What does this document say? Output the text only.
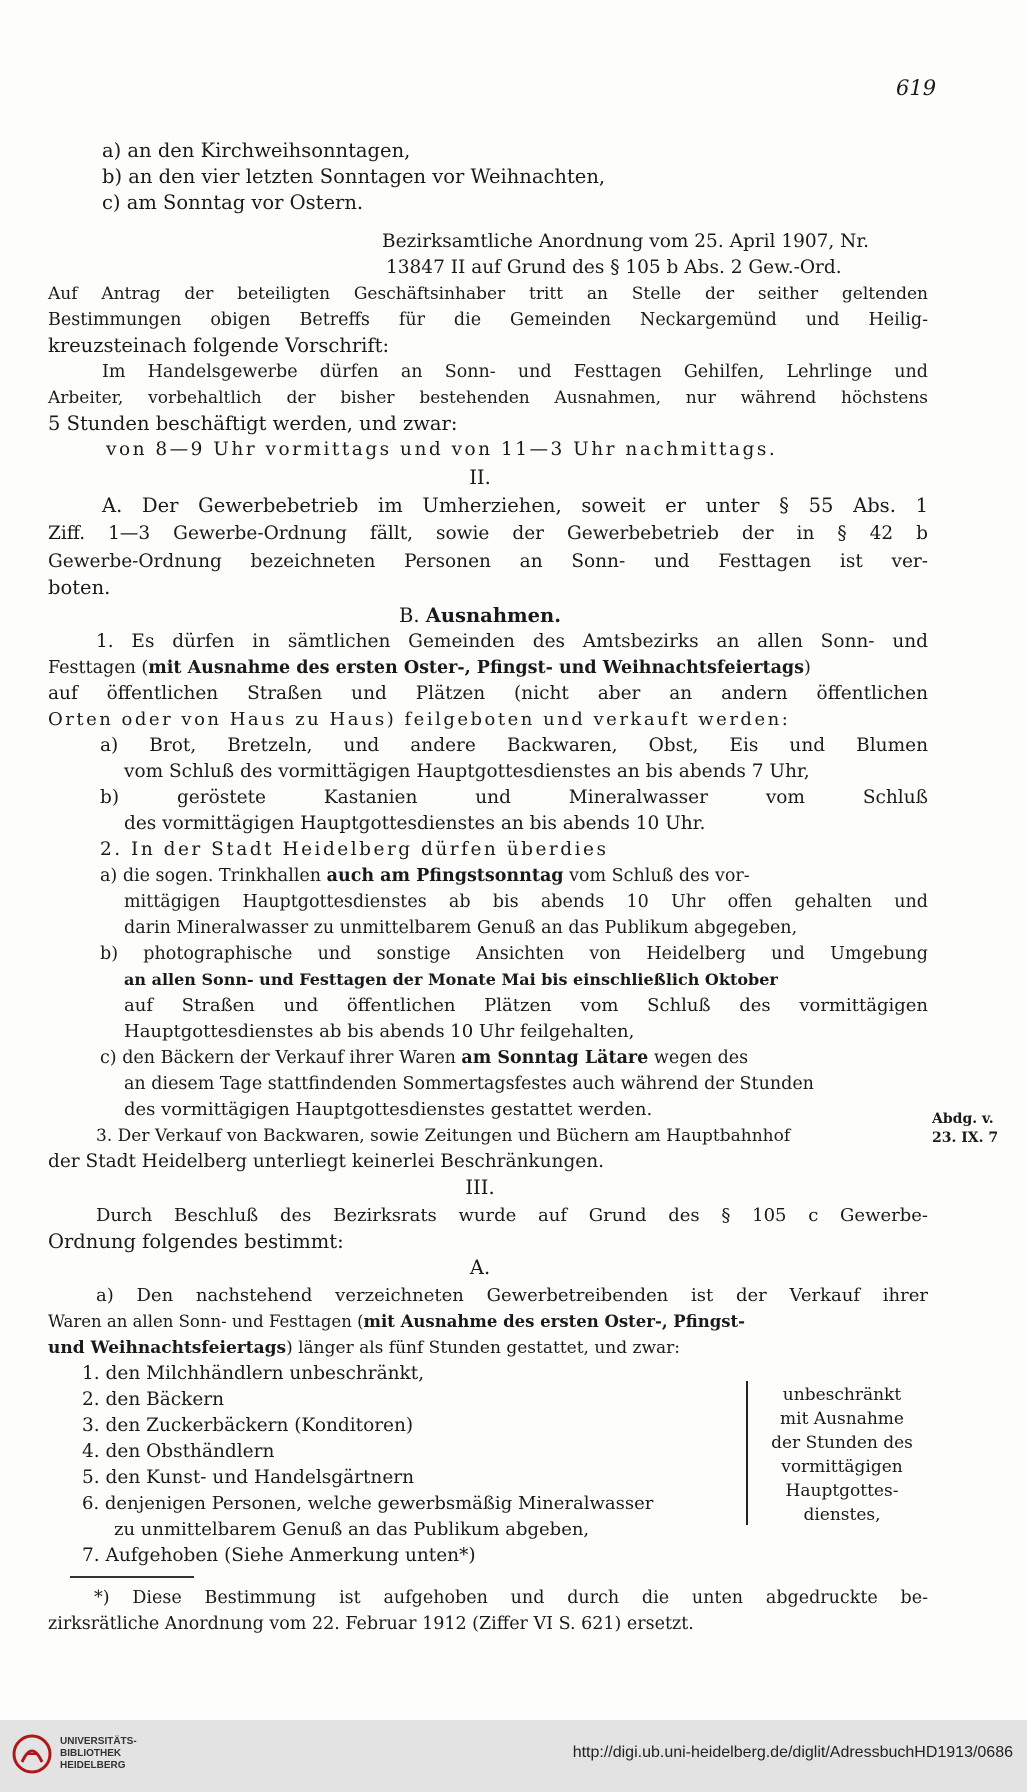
619
a) an den Kirchweihsonntagen,
b) an den vier letzten Sonntagen vor Weihnachten,
c) am Sonntag vor Ostern.
Bezirksamtliche Anordnung vom 25. April 1907, Nr.
13847 II auf Grund des § 105 b Abs. 2 Gew.-Ord.
Auf Antrag der beteiligten Geschäftsinhaber tritt an Stelle der seither geltenden
Bestimmungen obigen Betreffs für die Gemeinden Neckargemünd und Heilig-
kreuzsteinach folgende Vorschrift:
Im Handelsgewerbe dürfen an Sonn- und Festtagen Gehilfen, Lehrlinge und
Arbeiter, vorbehaltlich der bisher bestehenden Ausnahmen, nur während höchstens
5 Stunden beschäftigt werden, und zwar:
von 8—9 Uhr vormittags und von 11—3 Uhr nachmittags.
II.
A. Der Gewerbebetrieb im Umherziehen, soweit er unter § 55 Abs. 1
Ziff. 1—3 Gewerbe-Ordnung fällt, sowie der Gewerbebetrieb der in § 42 b
Gewerbe-Ordnung bezeichneten Personen an Sonn- und Festtagen ist ver-
boten.
B. Ausnahmen.
1. Es dürfen in sämtlichen Gemeinden des Amtsbezirks an allen Sonn- und
Festtagen (mit Ausnahme des ersten Oster-, Pfingst- und Weihnachtsfeiertags)
auf öffentlichen Straßen und Plätzen (nicht aber an andern öffentlichen
Orten oder von Haus zu Haus) feilgeboten und verkauft werden:
a) Brot, Bretzeln, und andere Backwaren, Obst, Eis und Blumen
vom Schluß des vormittägigen Hauptgottesdienstes an bis abends 7 Uhr,
b) geröstete Kastanien und Mineralwasser vom Schluß
des vormittägigen Hauptgottesdienstes an bis abends 10 Uhr.
2. In der Stadt Heidelberg dürfen überdies
a) die sogen. Trinkhallen auch am Pfingstsonntag vom Schluß des vor-
mittägigen Hauptgottesdienstes ab bis abends 10 Uhr offen gehalten und
darin Mineralwasser zu unmittelbarem Genuß an das Publikum abgegeben,
b) photographische und sonstige Ansichten von Heidelberg und Umgebung
an allen Sonn- und Festtagen der Monate Mai bis einschließlich Oktober
auf Straßen und öffentlichen Plätzen vom Schluß des vormittägigen
Hauptgottesdienstes ab bis abends 10 Uhr feilgehalten,
c) den Bäckern der Verkauf ihrer Waren am Sonntag Lätare wegen des
an diesem Tage stattfindenden Sommertagsfestes auch während der Stunden
des vormittägigen Hauptgottesdienstes gestattet werden.
3. Der Verkauf von Backwaren, sowie Zeitungen und Büchern am Hauptbahnhof
der Stadt Heidelberg unterliegt keinerlei Beschränkungen.
III.
Durch Beschluß des Bezirksrats wurde auf Grund des § 105 c Gewerbe-
Ordnung folgendes bestimmt:
A.
a) Den nachstehend verzeichneten Gewerbetreibenden ist der Verkauf ihrer
Waren an allen Sonn- und Festtagen (mit Ausnahme des ersten Oster-, Pfingst-
und Weihnachtsfeiertags) länger als fünf Stunden gestattet, und zwar:
1. den Milchhändlern unbeschränkt,
2. den Bäckern
3. den Zuckerbäckern (Konditoren)
4. den Obsthändlern
5. den Kunst- und Handelsgärtnern
6. denjenigen Personen, welche gewerbsmäßig Mineralwasser
zu unmittelbarem Genuß an das Publikum abgeben,
7. Aufgehoben (Siehe Anmerkung unten*)
unbeschränkt
mit Ausnahme
der Stunden des
vormittägigen
Hauptgottes-
dienstes,
Abdg. v.
23. IX. 7
*) Diese Bestimmung ist aufgehoben und durch die unten abgedruckte be-
zirksrätliche Anordnung vom 22. Februar 1912 (Ziffer VI S. 621) ersetzt.
UNIVERSITÄTS-
BIBLIOTHEK
HEIDELBERG
http://digi.ub.uni-heidelberg.de/diglit/AdressbuchHD1913/0686
